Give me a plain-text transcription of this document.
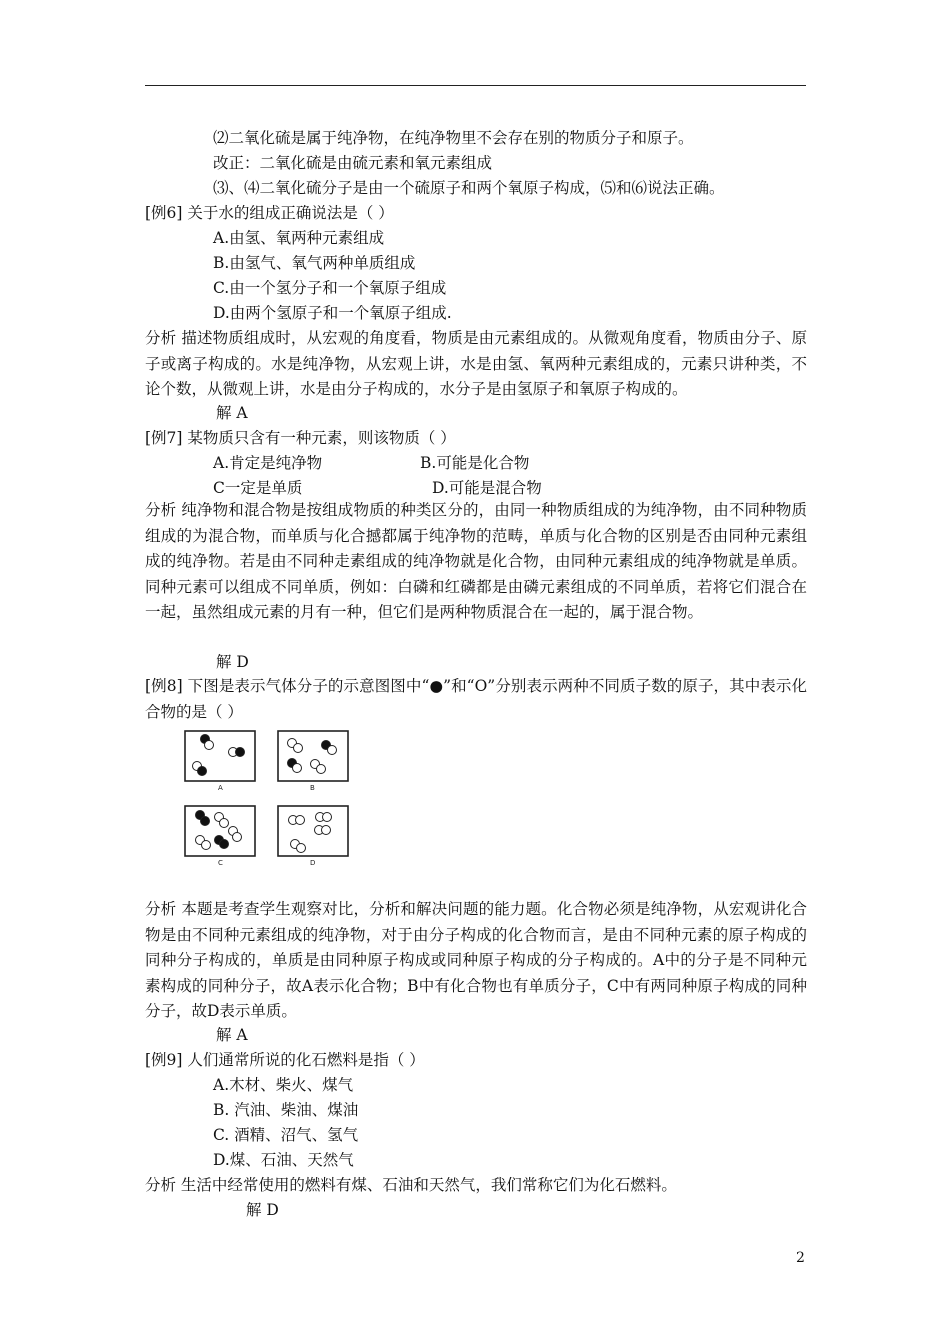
⑵二氧化硫是属于纯净物，在纯净物里不会存在别的物质分子和原子。
改正：二氧化硫是由硫元素和氧元素组成
⑶、⑷二氧化硫分子是由一个硫原子和两个氧原子构成，⑸和⑹说法正确。
[例6] 关于水的组成正确说法是（ ）
A.由氢、氧两种元素组成
B.由氢气、氧气两种单质组成
C.由一个氢分子和一个氧原子组成
D.由两个氢原子和一个氧原子组成.
分析 描述物质组成时，从宏观的角度看，物质是由元素组成的。从微观角度看，物质由分子、原子或离子构成的。水是纯净物，从宏观上讲，水是由氢、氧两种元素组成的，元素只讲种类，不论个数，从微观上讲，水是由分子构成的，水分子是由氢原子和氧原子构成的。
解 A
[例7] 某物质只含有一种元素，则该物质（ ）
A.肯定是纯净物	B.可能是化合物
C一定是单质	D.可能是混合物
分析 纯净物和混合物是按组成物质的种类区分的，由同一种物质组成的为纯净物，由不同种物质组成的为混合物，而单质与化合撼都属于纯净物的范畴，单质与化合物的区别是否由同种元素组成的纯净物。若是由不同种走素组成的纯净物就是化合物，由同种元素组成的纯净物就是单质。同种元素可以组成不同单质，例如：白磷和红磷都是由磷元素组成的不同单质，若将它们混合在一起，虽然组成元素的月有一种，但它们是两种物质混合在一起的，属于混合物。
解 D
[例8] 下图是表示气体分子的示意图图中“●”和“O”分别表示两种不同质子数的原子，其中表示化合物的是（ ）
A	B
C	D
分析 本题是考查学生观察对比，分析和解决问题的能力题。化合物必须是纯净物，从宏观讲化合物是由不同种元素组成的纯净物，对于由分子构成的化合物而言，是由不同种元素的原子构成的同种分子构成的，单质是由同种原子构成或同种原子构成的分子构成的。A中的分子是不同种元素构成的同种分子，故A表示化合物；B中有化合物也有单质分子，C中有两同种原子构成的同种分子，故D表示单质。
解 A
[例9] 人们通常所说的化石燃料是指（ ）
A.木材、柴火、煤气
B. 汽油、柴油、煤油
C. 酒精、沼气、氢气
D.煤、石油、天然气
分析 生活中经常使用的燃料有煤、石油和天然气，我们常称它们为化石燃料。
解 D
2
